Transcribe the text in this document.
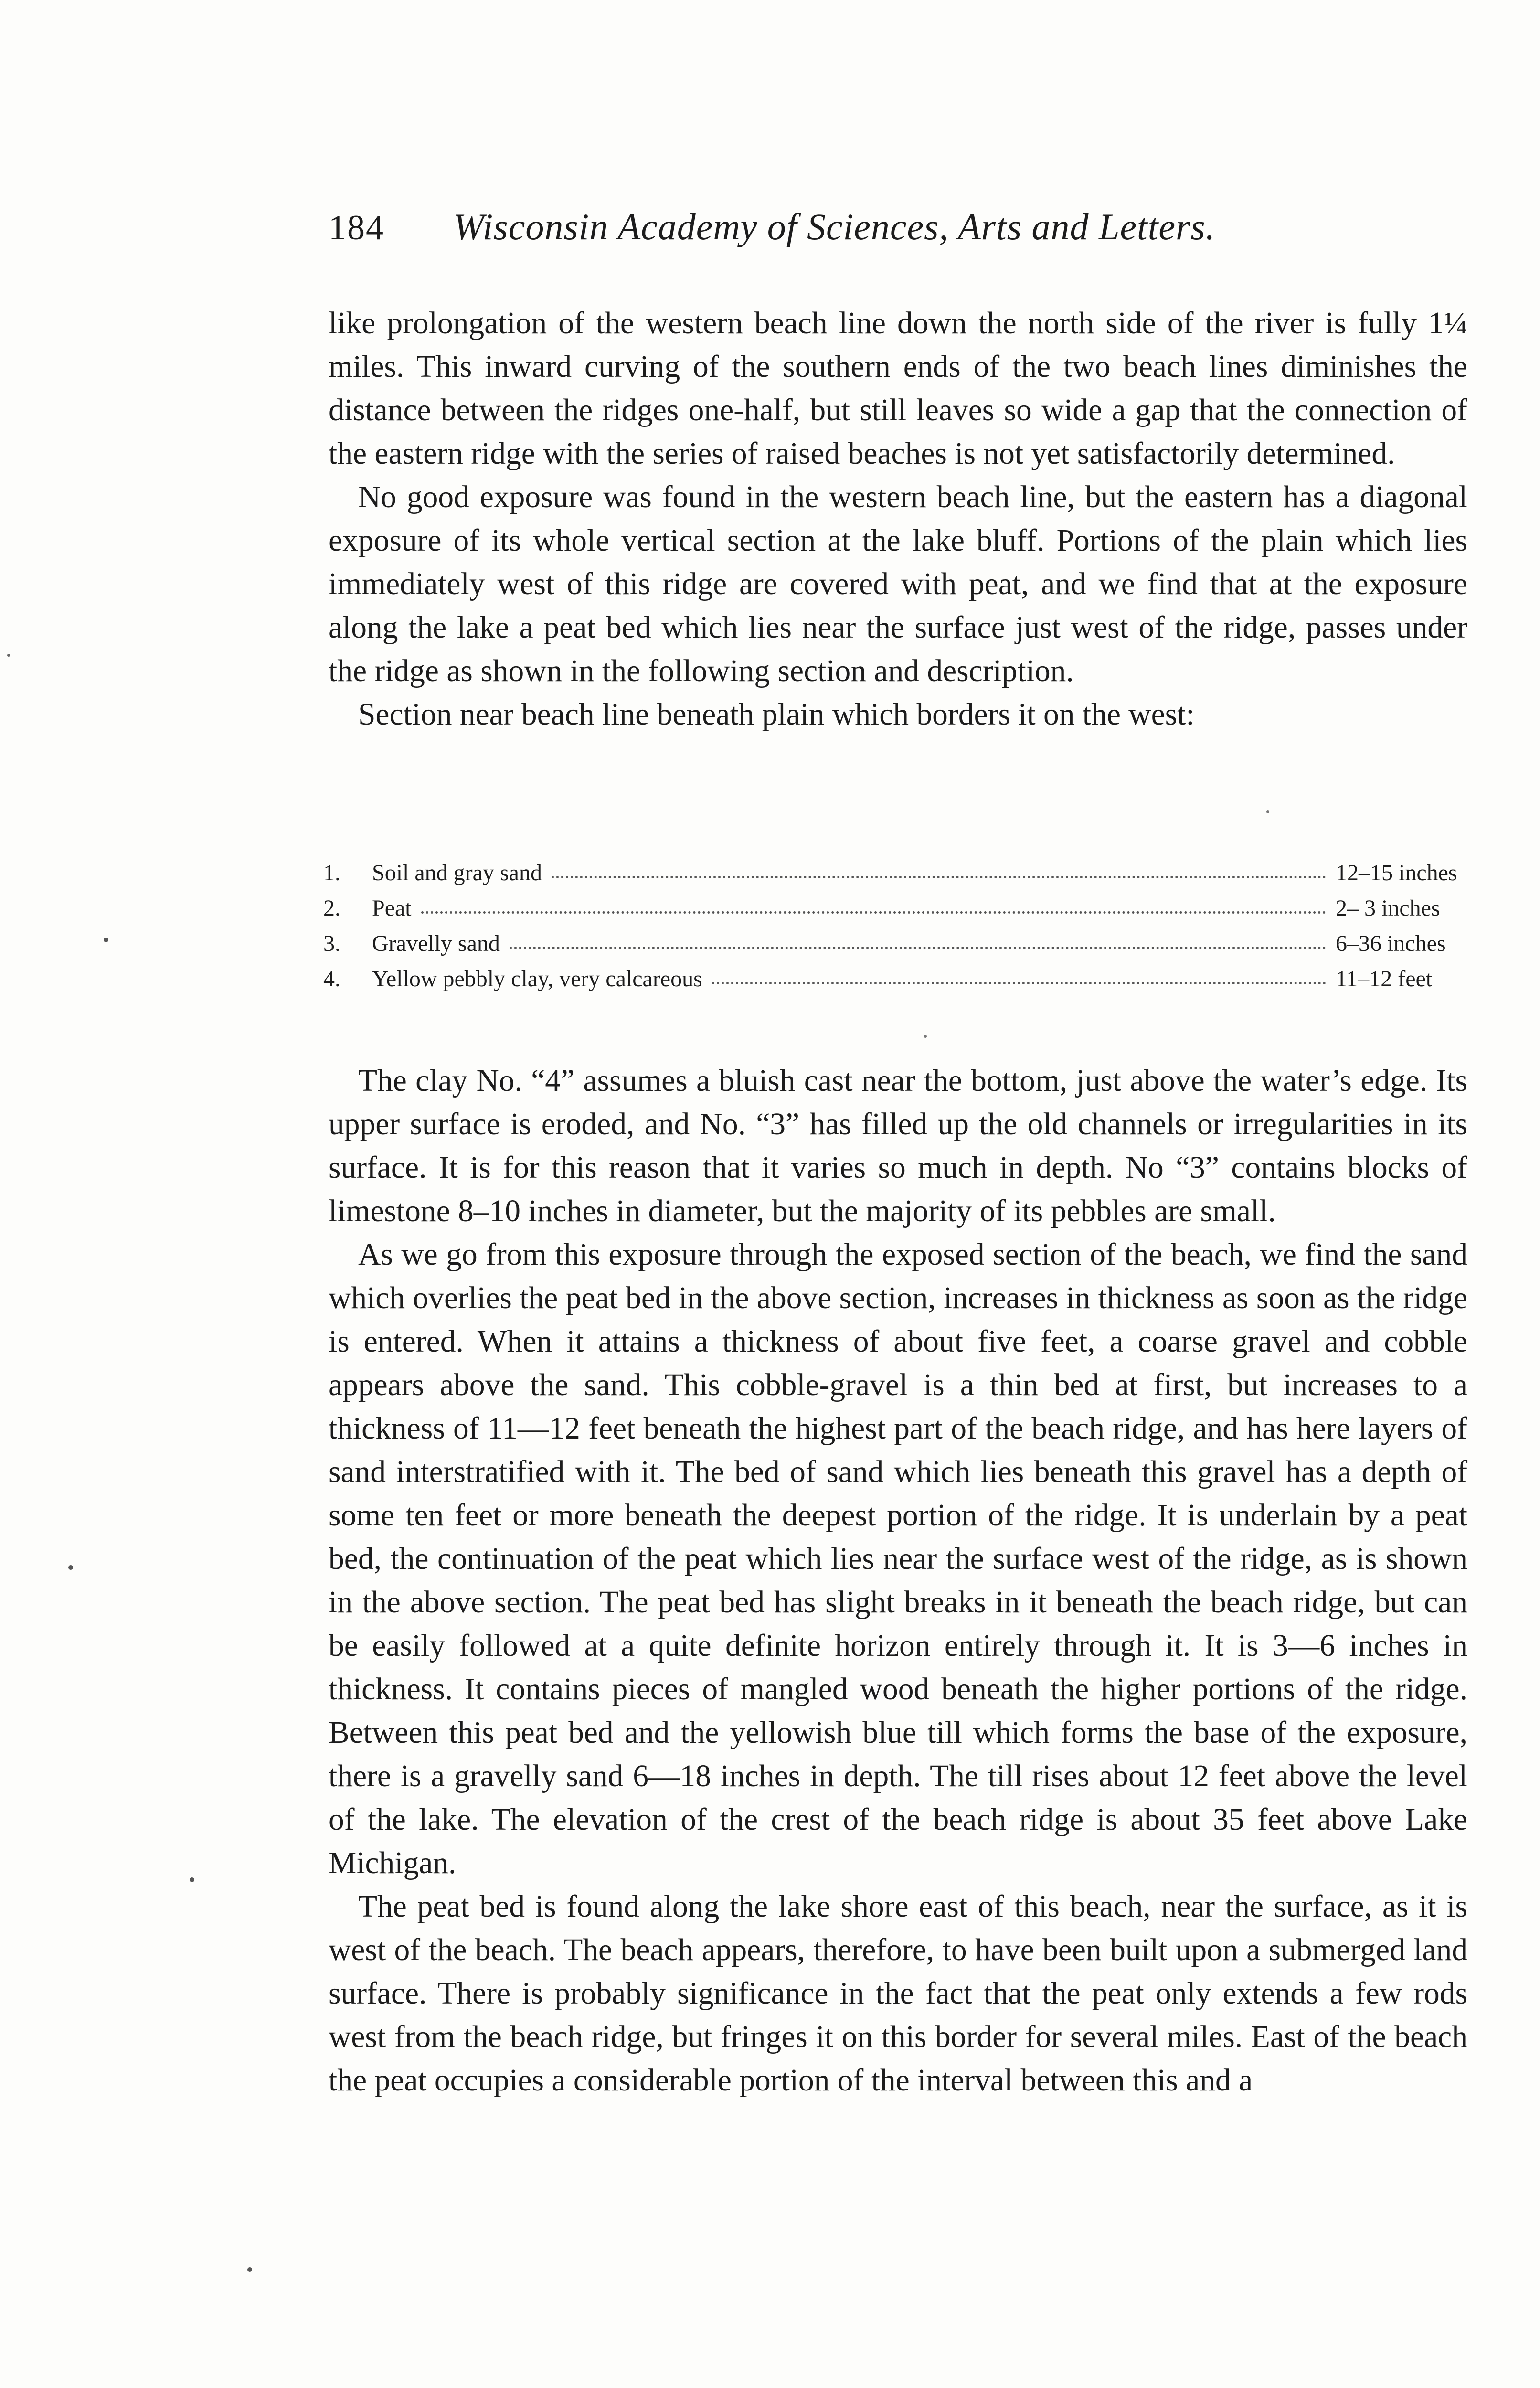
184 Wisconsin Academy of Sciences, Arts and Letters.

like prolongation of the western beach line down the north side of the river is fully 1¼ miles. This inward curving of the southern ends of the two beach lines diminishes the distance between the ridges one-half, but still leaves so wide a gap that the connection of the eastern ridge with the series of raised beaches is not yet satisfactorily determined.

No good exposure was found in the western beach line, but the eastern has a diagonal exposure of its whole vertical section at the lake bluff. Portions of the plain which lies immediately west of this ridge are covered with peat, and we find that at the exposure along the lake a peat bed which lies near the surface just west of the ridge, passes under the ridge as shown in the following section and description.

Section near beach line beneath plain which borders it on the west:

1.	Soil and gray sand	12–15 inches
2.	Peat	2– 3 inches
3.	Gravelly sand	6–36 inches
4.	Yellow pebbly clay, very calcareous	11–12 feet

The clay No. “4” assumes a bluish cast near the bottom, just above the water’s edge. Its upper surface is eroded, and No. “3” has filled up the old channels or irregularities in its surface. It is for this reason that it varies so much in depth. No “3” contains blocks of limestone 8–10 inches in diameter, but the majority of its pebbles are small.

As we go from this exposure through the exposed section of the beach, we find the sand which overlies the peat bed in the above section, increases in thickness as soon as the ridge is entered. When it attains a thickness of about five feet, a coarse gravel and cobble appears above the sand. This cobble-gravel is a thin bed at first, but increases to a thickness of 11—12 feet beneath the highest part of the beach ridge, and has here layers of sand interstratified with it. The bed of sand which lies beneath this gravel has a depth of some ten feet or more beneath the deepest portion of the ridge. It is underlain by a peat bed, the continuation of the peat which lies near the surface west of the ridge, as is shown in the above section. The peat bed has slight breaks in it beneath the beach ridge, but can be easily followed at a quite definite horizon entirely through it. It is 3—6 inches in thickness. It contains pieces of mangled wood beneath the higher portions of the ridge. Between this peat bed and the yellowish blue till which forms the base of the exposure, there is a gravelly sand 6—18 inches in depth. The till rises about 12 feet above the level of the lake. The elevation of the crest of the beach ridge is about 35 feet above Lake Michigan.

The peat bed is found along the lake shore east of this beach, near the surface, as it is west of the beach. The beach appears, therefore, to have been built upon a submerged land surface. There is probably significance in the fact that the peat only extends a few rods west from the beach ridge, but fringes it on this border for several miles. East of the beach the peat occupies a considerable portion of the interval between this and a
